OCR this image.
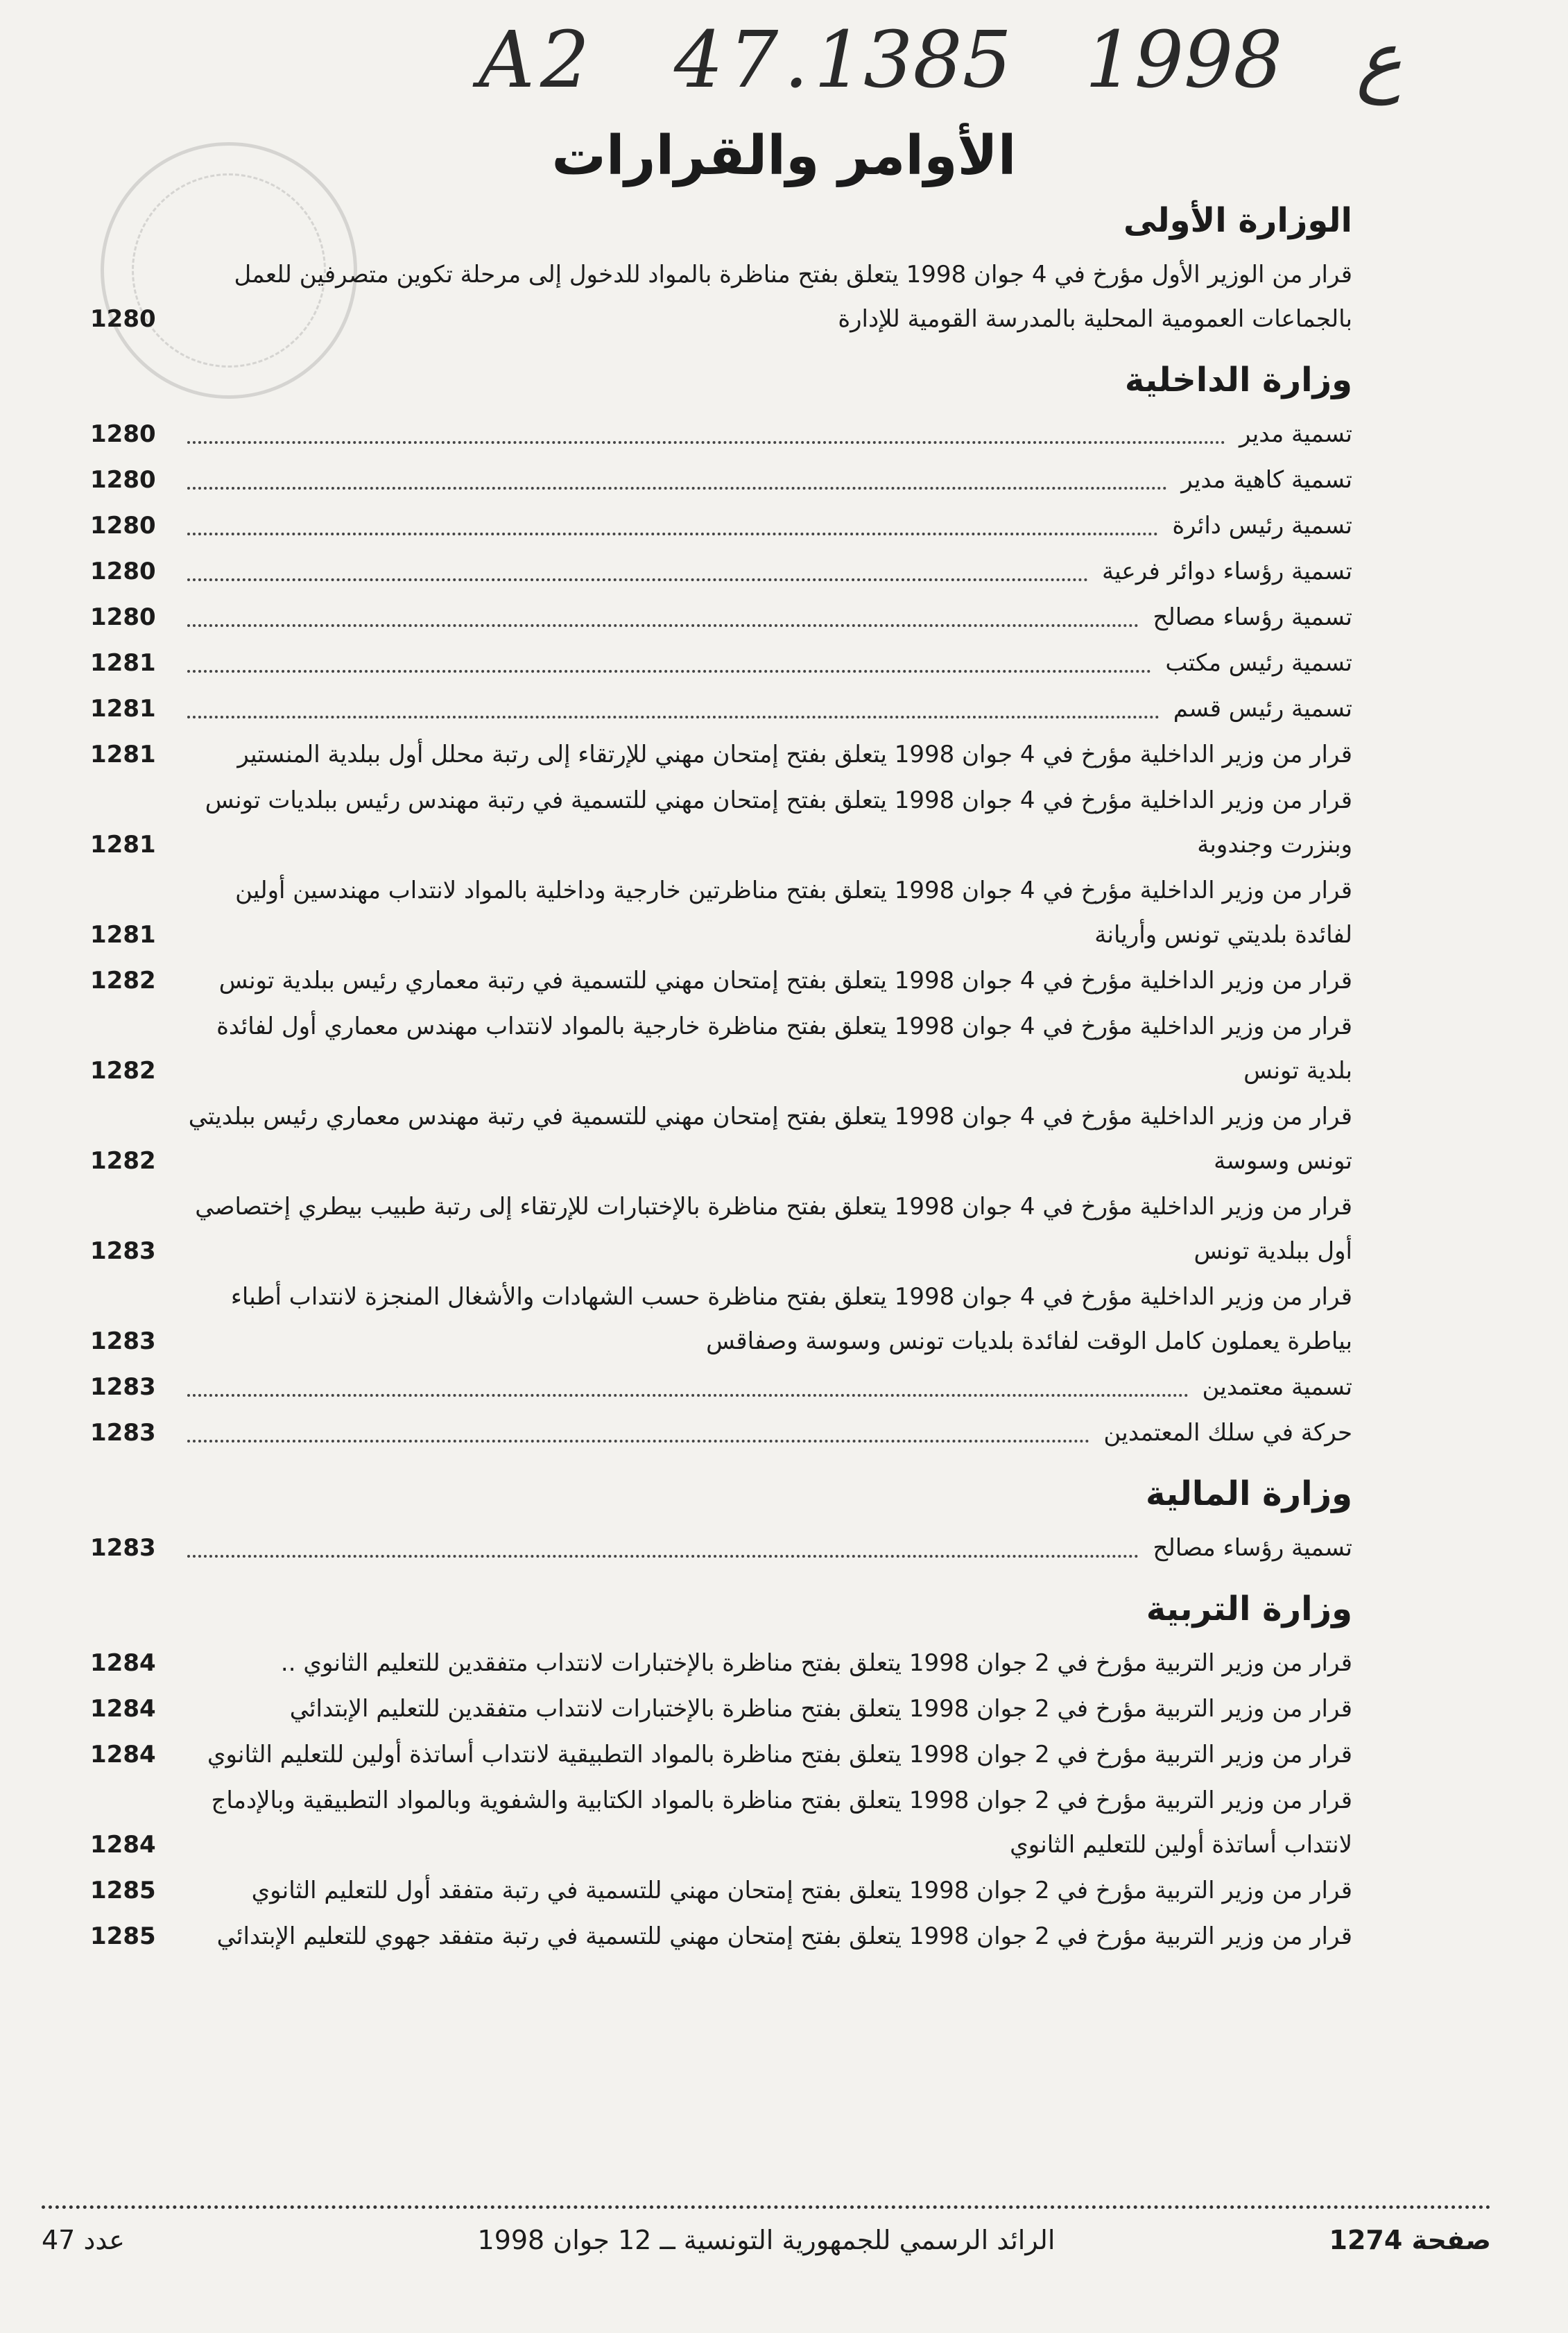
A2 47.ع 1998 1385
الأوامر والقرارات
الوزارة الأولى
قرار من الوزير الأول مؤرخ في 4 جوان 1998 يتعلق بفتح مناظرة بالمواد للدخول إلى مرحلة تكوين متصرفين للعمل بالجماعات العمومية المحلية بالمدرسة القومية للإدارة
1280
وزارة الداخلية
تسمية مدير
1280
تسمية كاهية مدير
1280
تسمية رئيس دائرة
1280
تسمية رؤساء دوائر فرعية
1280
تسمية رؤساء مصالح
1280
تسمية رئيس مكتب
1281
تسمية رئيس قسم
1281
قرار من وزير الداخلية مؤرخ في 4 جوان 1998 يتعلق بفتح إمتحان مهني للإرتقاء إلى رتبة محلل أول ببلدية المنستير
1281
قرار من وزير الداخلية مؤرخ في 4 جوان 1998 يتعلق بفتح إمتحان مهني للتسمية في رتبة مهندس رئيس ببلديات تونس وبنزرت وجندوبة
1281
قرار من وزير الداخلية مؤرخ في 4 جوان 1998 يتعلق بفتح مناظرتين خارجية وداخلية بالمواد لانتداب مهندسين أولين لفائدة بلديتي تونس وأريانة
1281
قرار من وزير الداخلية مؤرخ في 4 جوان 1998 يتعلق بفتح إمتحان مهني للتسمية في رتبة معماري رئيس ببلدية تونس
1282
قرار من وزير الداخلية مؤرخ في 4 جوان 1998 يتعلق بفتح مناظرة خارجية بالمواد لانتداب مهندس معماري أول لفائدة بلدية تونس
1282
قرار من وزير الداخلية مؤرخ في 4 جوان 1998 يتعلق بفتح إمتحان مهني للتسمية في رتبة مهندس معماري رئيس ببلديتي تونس وسوسة
1282
قرار من وزير الداخلية مؤرخ في 4 جوان 1998 يتعلق بفتح مناظرة بالإختبارات للإرتقاء إلى رتبة طبيب بيطري إختصاصي أول ببلدية تونس
1283
قرار من وزير الداخلية مؤرخ في 4 جوان 1998 يتعلق بفتح مناظرة حسب الشهادات والأشغال المنجزة لانتداب أطباء بياطرة يعملون كامل الوقت لفائدة بلديات تونس وسوسة وصفاقس
1283
تسمية معتمدين
1283
حركة في سلك المعتمدين
1283
وزارة المالية
تسمية رؤساء مصالح
1283
وزارة التربية
قرار من وزير التربية مؤرخ في 2 جوان 1998 يتعلق بفتح مناظرة بالإختبارات لانتداب متفقدين للتعليم الثانوي ..
1284
قرار من وزير التربية مؤرخ في 2 جوان 1998 يتعلق بفتح مناظرة بالإختبارات لانتداب متفقدين للتعليم الإبتدائي
1284
قرار من وزير التربية مؤرخ في 2 جوان 1998 يتعلق بفتح مناظرة بالمواد التطبيقية لانتداب أساتذة أولين للتعليم الثانوي
1284
قرار من وزير التربية مؤرخ في 2 جوان 1998 يتعلق بفتح مناظرة بالمواد الكتابية والشفوية وبالمواد التطبيقية وبالإدماج لانتداب أساتذة أولين للتعليم الثانوي
1284
قرار من وزير التربية مؤرخ في 2 جوان 1998 يتعلق بفتح إمتحان مهني للتسمية في رتبة متفقد أول للتعليم الثانوي
1285
قرار من وزير التربية مؤرخ في 2 جوان 1998 يتعلق بفتح إمتحان مهني للتسمية في رتبة متفقد جهوي للتعليم الإبتدائي
1285
صفحة 1274
الرائد الرسمي للجمهورية التونسية ــ 12 جوان 1998
عدد 47
